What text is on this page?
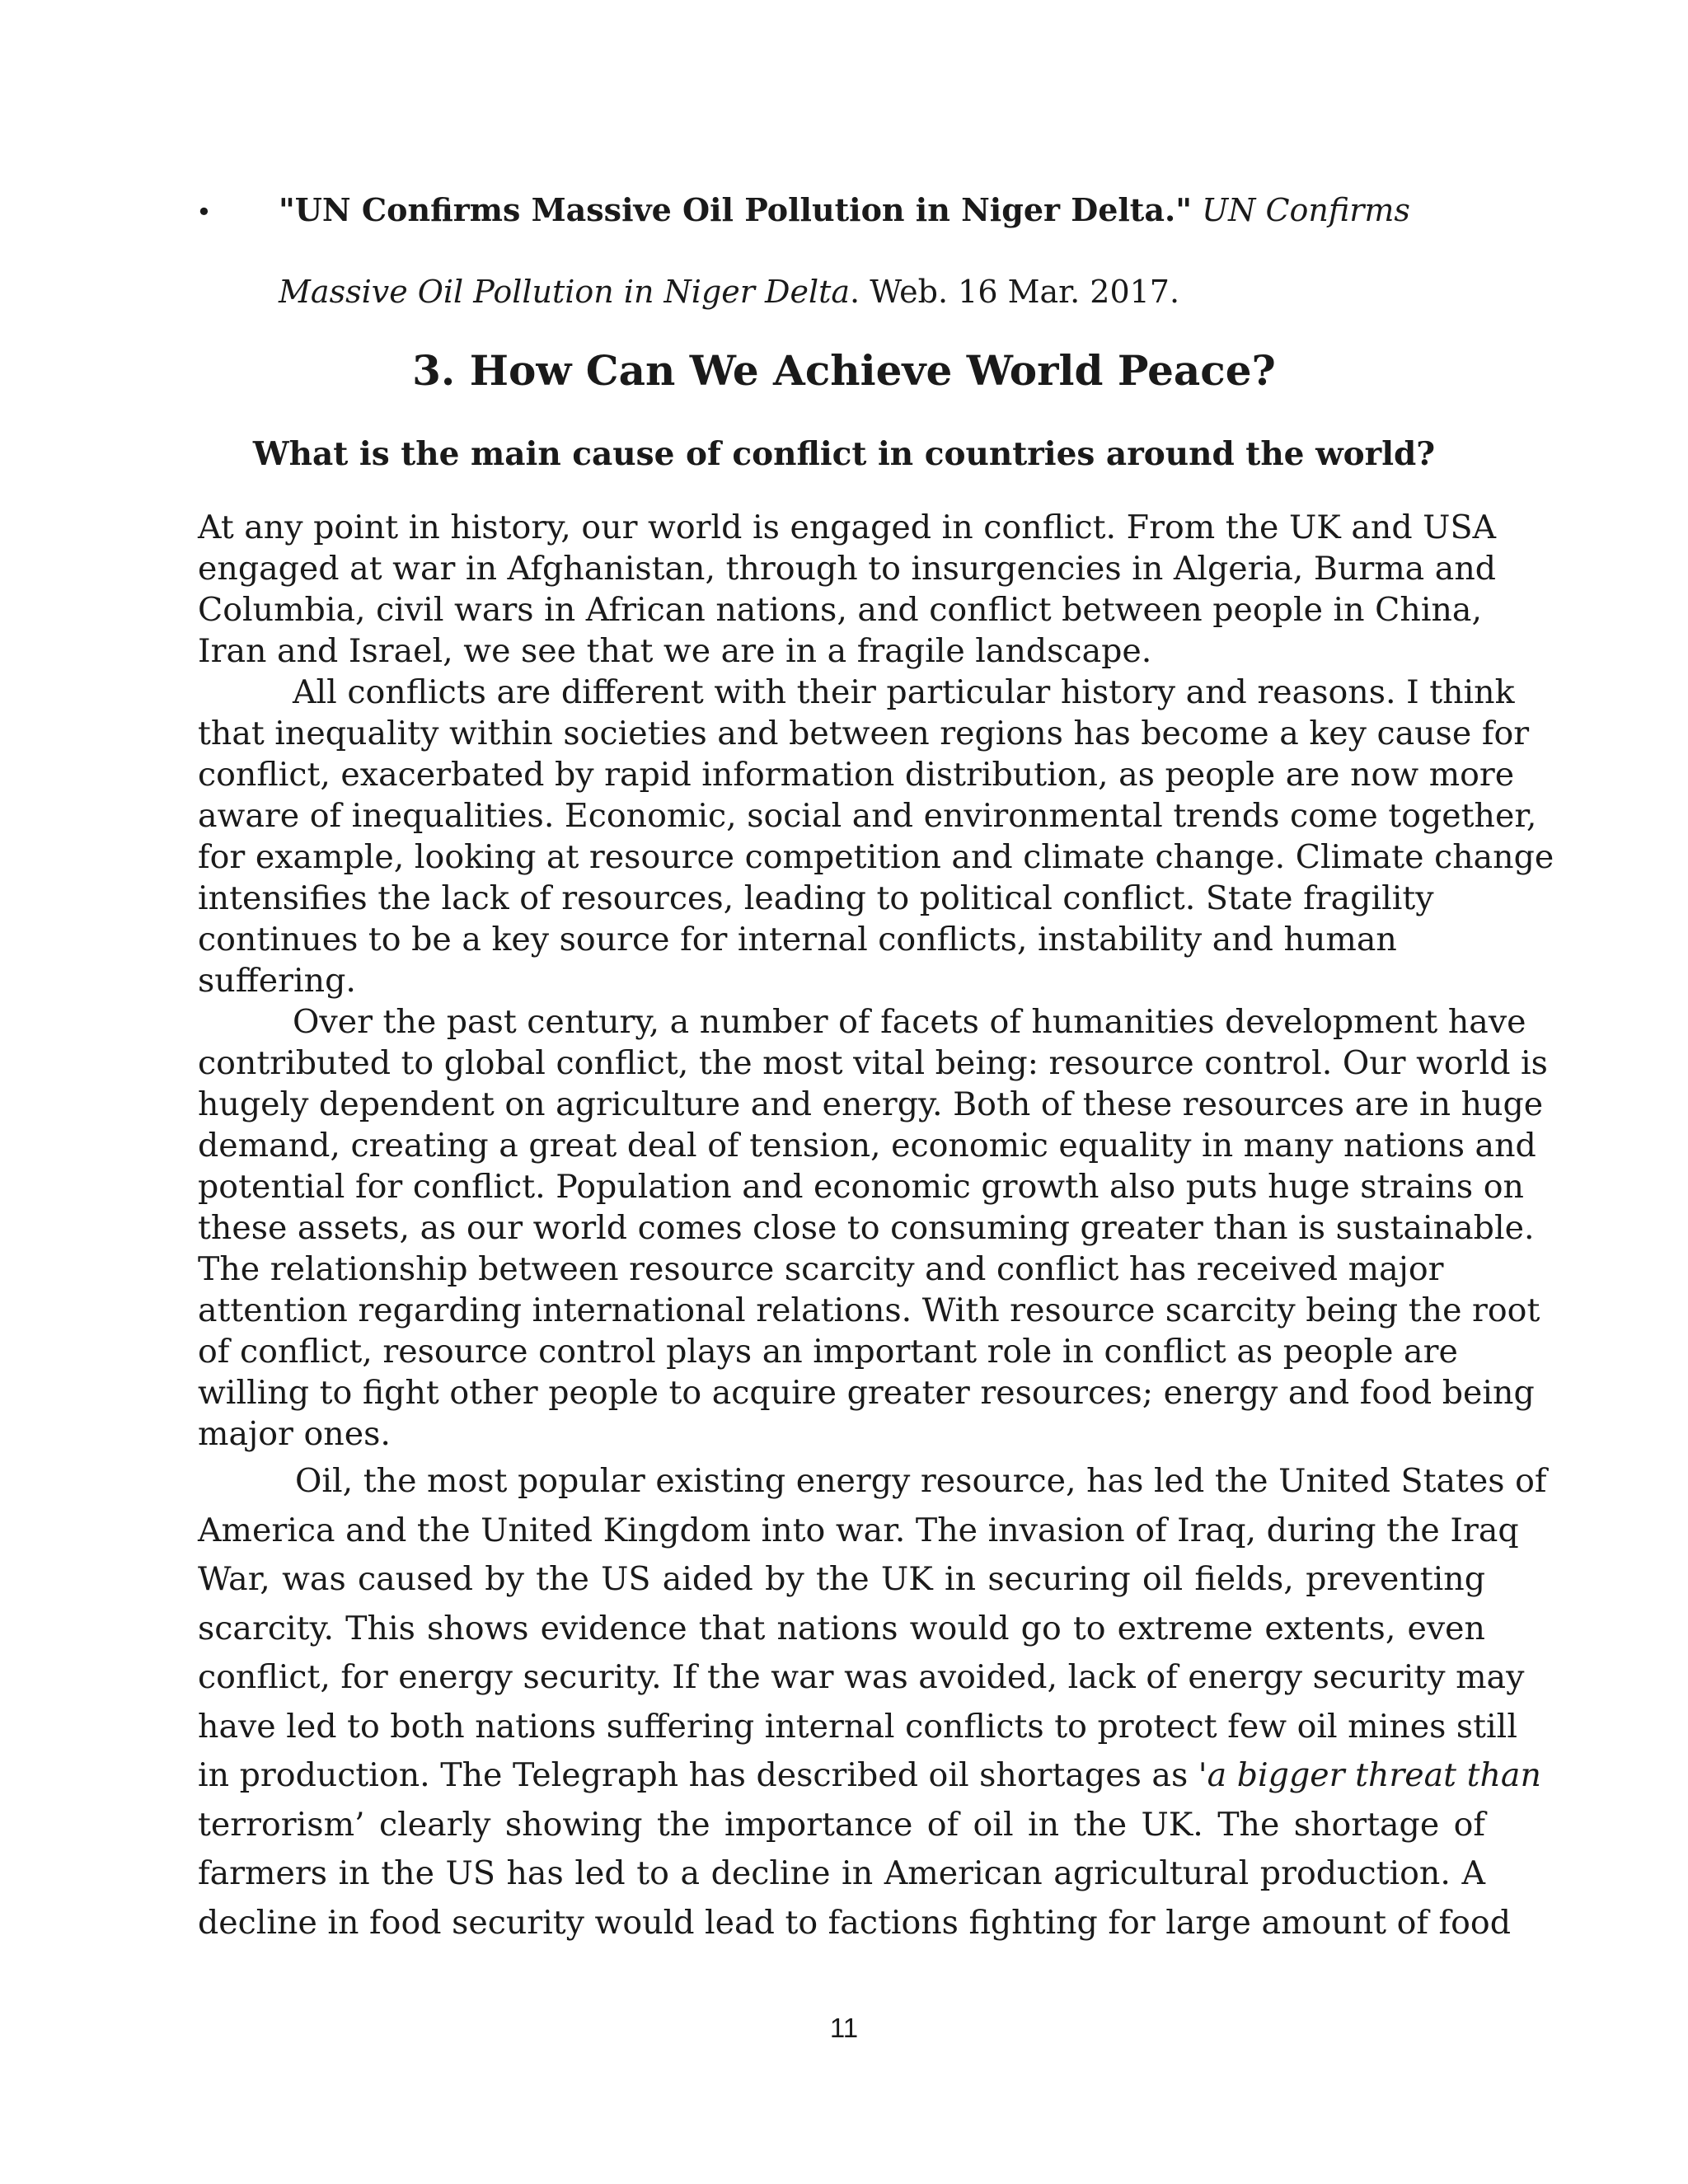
• "UN Confirms Massive Oil Pollution in Niger Delta." UN Confirms
Massive Oil Pollution in Niger Delta. Web. 16 Mar. 2017.
3. How Can We Achieve World Peace?
What is the main cause of conflict in countries around the world?
At any point in history, our world is engaged in conflict. From the UK and USA
engaged at war in Afghanistan, through to insurgencies in Algeria, Burma and
Columbia, civil wars in African nations, and conflict between people in China,
Iran and Israel, we see that we are in a fragile landscape.
All conflicts are different with their particular history and reasons. I think
that inequality within societies and between regions has become a key cause for
conflict, exacerbated by rapid information distribution, as people are now more
aware of inequalities. Economic, social and environmental trends come together,
for example, looking at resource competition and climate change. Climate change
intensifies the lack of resources, leading to political conflict. State fragility
continues to be a key source for internal conflicts, instability and human
suffering.
Over the past century, a number of facets of humanities development have
contributed to global conflict, the most vital being: resource control. Our world is
hugely dependent on agriculture and energy. Both of these resources are in huge
demand, creating a great deal of tension, economic equality in many nations and
potential for conflict. Population and economic growth also puts huge strains on
these assets, as our world comes close to consuming greater than is sustainable.
The relationship between resource scarcity and conflict has received major
attention regarding international relations. With resource scarcity being the root
of conflict, resource control plays an important role in conflict as people are
willing to fight other people to acquire greater resources; energy and food being
major ones.
Oil, the most popular existing energy resource, has led the United States of
America and the United Kingdom into war. The invasion of Iraq, during the Iraq
War, was caused by the US aided by the UK in securing oil fields, preventing
scarcity. This shows evidence that nations would go to extreme extents, even
conflict, for energy security. If the war was avoided, lack of energy security may
have led to both nations suffering internal conflicts to protect few oil mines still
in production. The Telegraph has described oil shortages as 'a bigger threat than
terrorism’ clearly showing the importance of oil in the UK. The shortage of
farmers in the US has led to a decline in American agricultural production. A
decline in food security would lead to factions fighting for large amount of food
11
